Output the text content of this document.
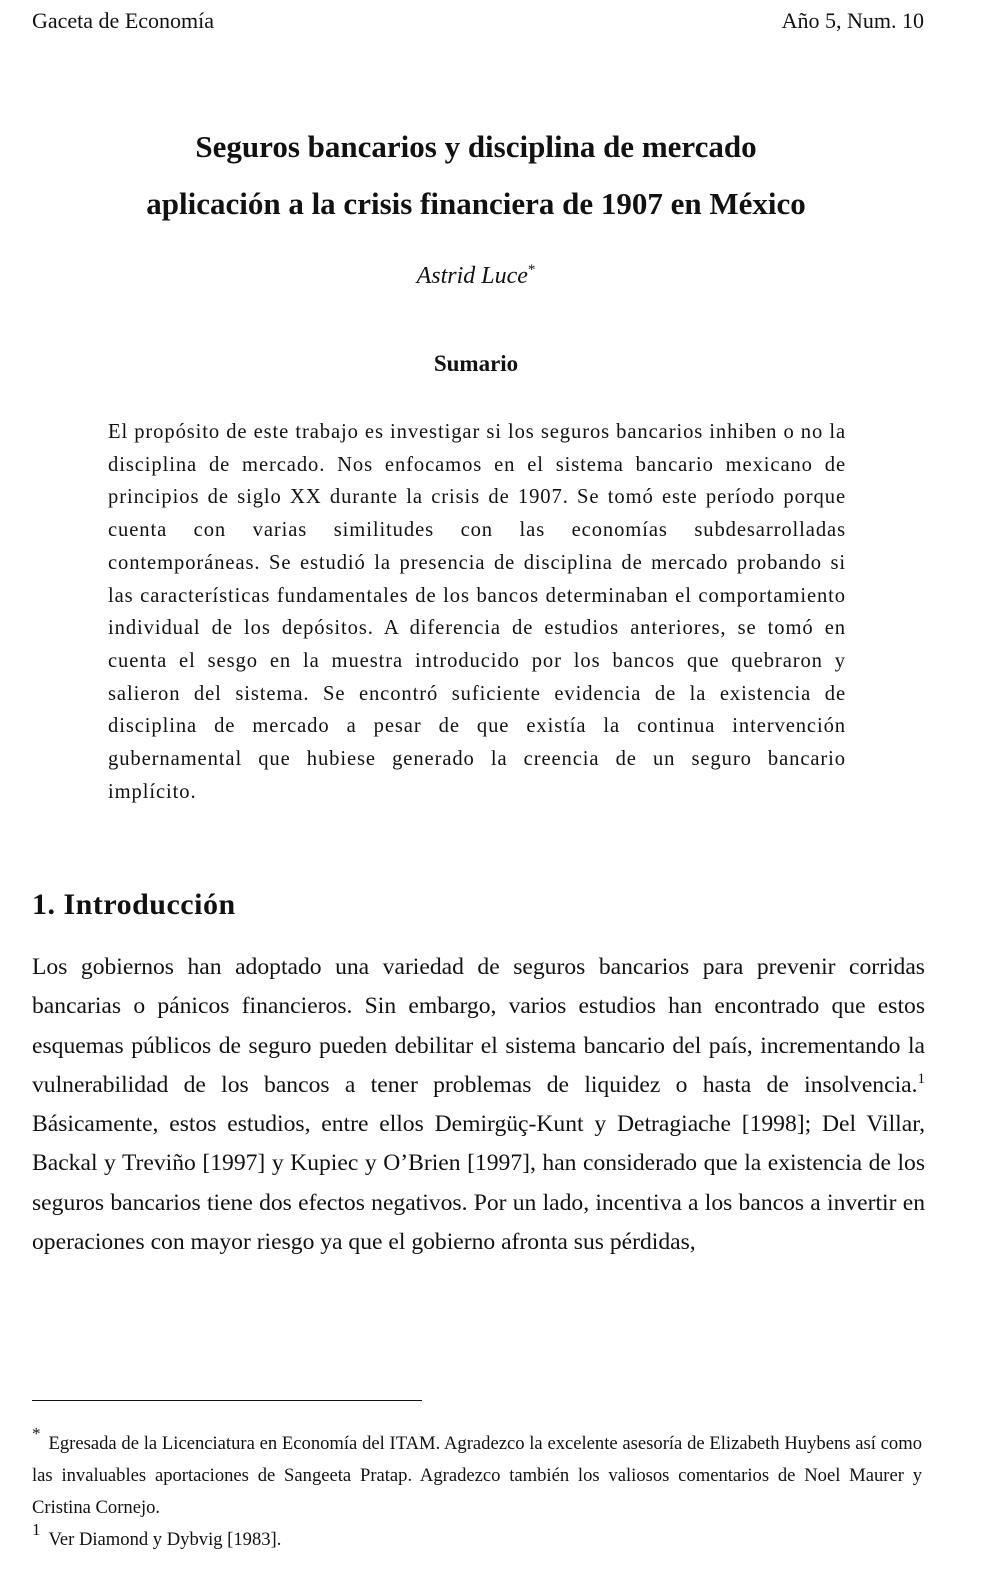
Gaceta de Economía	Año 5, Num. 10
Seguros bancarios y disciplina de mercado
aplicación a la crisis financiera de 1907 en México
Astrid Luce*
Sumario

El propósito de este trabajo es investigar si los seguros bancarios inhiben o no la disciplina de mercado. Nos enfocamos en el sistema bancario mexicano de principios de siglo XX durante la crisis de 1907. Se tomó este período porque cuenta con varias similitudes con las economías subdesarrolladas contemporáneas. Se estudió la presencia de disciplina de mercado probando si las características fundamentales de los bancos determinaban el comportamiento individual de los depósitos. A diferencia de estudios anteriores, se tomó en cuenta el sesgo en la muestra introducido por los bancos que quebraron y salieron del sistema. Se encontró suficiente evidencia de la existencia de disciplina de mercado a pesar de que existía la continua intervención gubernamental que hubiese generado la creencia de un seguro bancario implícito.

1. Introducción

Los gobiernos han adoptado una variedad de seguros bancarios para prevenir corridas bancarias o pánicos financieros. Sin embargo, varios estudios han encontrado que estos esquemas públicos de seguro pueden debilitar el sistema bancario del país, incrementando la vulnerabilidad de los bancos a tener problemas de liquidez o hasta de insolvencia.$^1$ Básicamente, estos estudios, entre ellos Demirgüç-Kunt y Detragiache [1998]; Del Villar, Backal y Treviño [1997] y Kupiec y O’Brien [1997], han considerado que la existencia de los seguros bancarios tiene dos efectos negativos. Por un lado, incentiva a los bancos a invertir en operaciones con mayor riesgo ya que el gobierno afronta sus pérdidas,

* Egresada de la Licenciatura en Economía del ITAM. Agradezco la excelente asesoría de Elizabeth Huybens así como las invaluables aportaciones de Sangeeta Pratap. Agradezco también los valiosos comentarios de Noel Maurer y Cristina Cornejo.

$^1$ Ver Diamond y Dybvig [1983].
